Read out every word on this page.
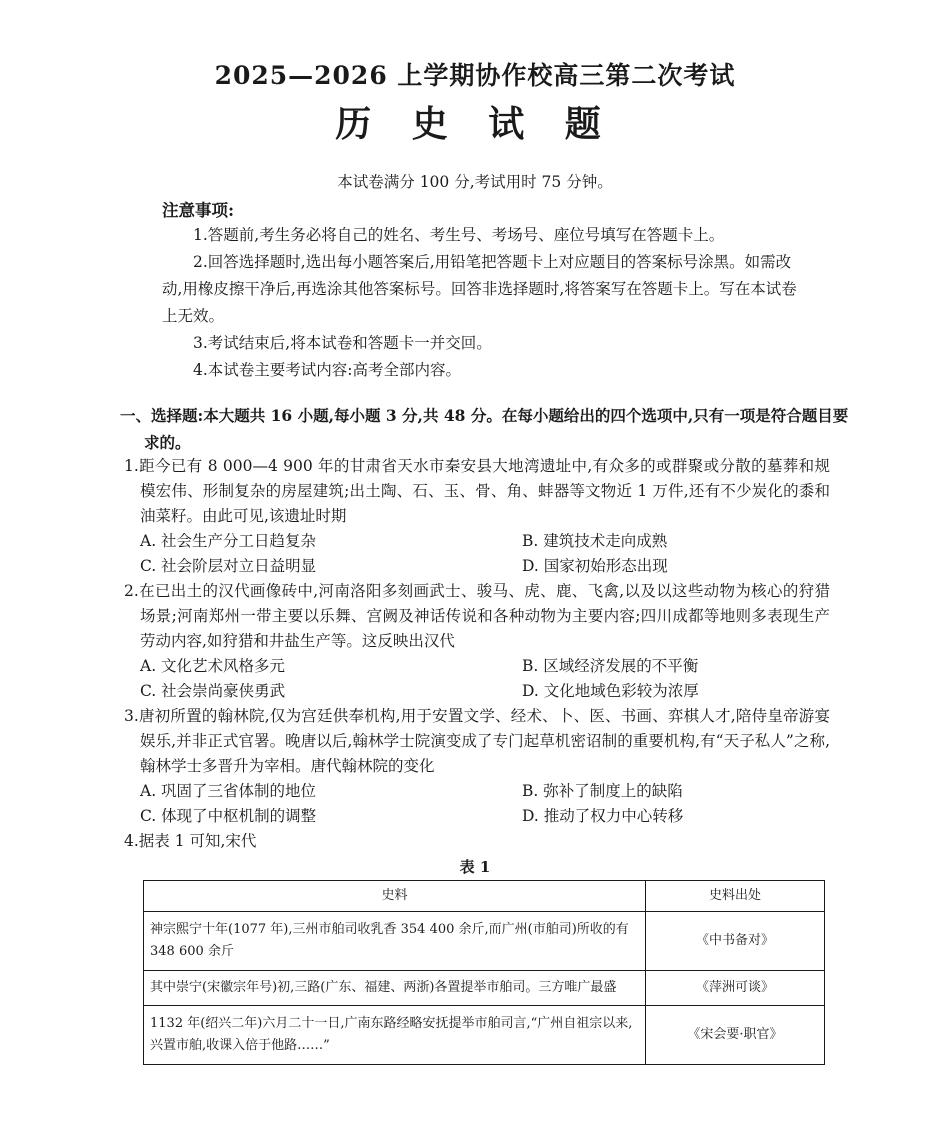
2025—2026 上学期协作校高三第二次考试
历 史 试 题
本试卷满分 100 分,考试用时 75 分钟。
注意事项:

1.答题前,考生务必将自己的姓名、考生号、考场号、座位号填写在答题卡上。

2.回答选择题时,选出每小题答案后,用铅笔把答题卡上对应题目的答案标号涂黑。如需改动,用橡皮擦干净后,再选涂其他答案标号。回答非选择题时,将答案写在答题卡上。写在本试卷上无效。

3.考试结束后,将本试卷和答题卡一并交回。

4.本试卷主要考试内容:高考全部内容。

一、选择题:本大题共 16 小题,每小题 3 分,共 48 分。在每小题给出的四个选项中,只有一项是符合题目要求的。
1.距今已有 8 000—4 900 年的甘肃省天水市秦安县大地湾遗址中,有众多的或群聚或分散的墓葬和规模宏伟、形制复杂的房屋建筑;出土陶、石、玉、骨、角、蚌器等文物近 1 万件,还有不少炭化的黍和油菜籽。由此可见,该遗址时期
A. 社会生产分工日趋复杂	B. 建筑技术走向成熟
C. 社会阶层对立日益明显	D. 国家初始形态出现
2.在已出土的汉代画像砖中,河南洛阳多刻画武士、骏马、虎、鹿、飞禽,以及以这些动物为核心的狩猎场景;河南郑州一带主要以乐舞、宫阙及神话传说和各种动物为主要内容;四川成都等地则多表现生产劳动内容,如狩猎和井盐生产等。这反映出汉代
A. 文化艺术风格多元	B. 区域经济发展的不平衡
C. 社会崇尚豪侠勇武	D. 文化地域色彩较为浓厚
3.唐初所置的翰林院,仅为宫廷供奉机构,用于安置文学、经术、卜、医、书画、弈棋人才,陪侍皇帝游宴娱乐,并非正式官署。晚唐以后,翰林学士院演变成了专门起草机密诏制的重要机构,有“天子私人”之称,翰林学士多晋升为宰相。唐代翰林院的变化
A. 巩固了三省体制的地位	B. 弥补了制度上的缺陷
C. 体现了中枢机制的调整	D. 推动了权力中心转移
4.据表 1 可知,宋代
表 1
史料	史料出处
神宗熙宁十年(1077 年),三州市舶司收乳香 354 400 余斤,而广州(市舶司)所收的有 348 600 余斤	《中书备对》
其中崇宁(宋徽宗年号)初,三路(广东、福建、两浙)各置提举市舶司。三方唯广最盛	《萍洲可谈》
1132 年(绍兴二年)六月二十一日,广南东路经略安抚提举市舶司言,“广州自祖宗以来,兴置市舶,收课入倍于他路……”	《宋会要·职官》
